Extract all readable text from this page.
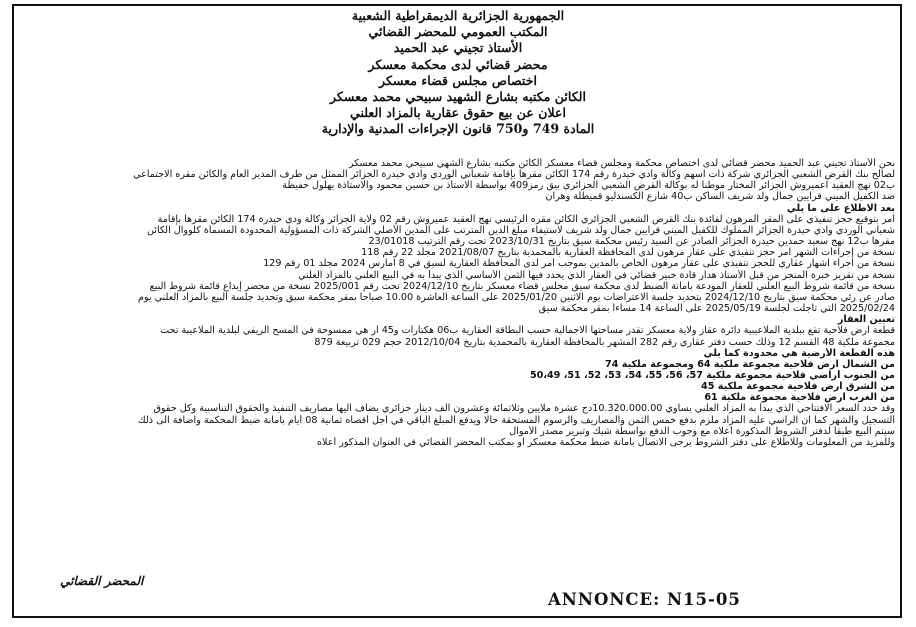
الجمهورية الجزائرية الديمقراطية الشعبية
المكتب العمومي للمحضر القضائي
الأستاذ تجيني عبد الحميد
محضر قضائي لدى محكمة معسكر
اختصاص مجلس قضاء معسكر
الكائن مكتبه بشارع الشهيد سبيحي محمد معسكر
اعلان عن بيع حقوق عقارية بالمزاد العلني
المادة 749 و750 قانون الإجراءات المدنية والإدارية
نحن الأستاذ تجيني عبد الحميد محضر قضائي لدى اختصاص محكمة ومجلس قضاء معسكر الكائن مكتبه بشارع الشهي سبيحي محمد معسكر
لصالح بنك القرض الشعبي الجزائري شركة ذات اسهم وكالة وادي حيدرة رقم 174 الكائن مقرها بإقامة شعباني الوردي وادي حيدرة الجزائر الممثل من طرف المدير العام والكائن مقره الاجتماعي
ب02 نهج العقيد اعميروش الجزائر المختار موطنا له بوكالة القرض الشعبي الجزائري بيق رمز409 بواسطة الاستاذ بن حسين محمود والاستاذة بهلول حفيظة
ضد الكفيل الميني قرايين جمال ولد شريف الساكن ب40 شارع الكسندليو قميطلة وهران
بعد الاطلاع على ما يلي
امر بتوقيع حجز تنفيذي على المقر المرهون لفائدة بنك القرض الشعبي الجزائري الكائن مقره الرئيسي نهج العقيد عميروش رقم 02 ولاية الجزائر وكالة ودي حيدرة 174 الكائن مقرها بإقامة
شعباني الوردي وادي حيدرة الجزائر المملوك للكفيل الميني قرايين جمال ولد شريف لاستيفاء مبلغ الدين المترتب على المدين الأصلي الشركة ذات المسؤولية المحدودة المسماة كلووال الكائن
مقرها ب12 نهج سعيد حمدين حيدرة الجزائر الصادر عن السيد رئيس محكمة سيق بتاريخ 2023/10/31 تحت رقم الترتيب 23/01018
نسخة من إجراءات الشهر امر حجز تنفيذي على عقار مرهون لدى المحافظة العقارية بالمحمدية بتاريخ 2021/08/07 مجلد 22 رقم 118
نسخة من اجراء اشهار عقاري للحجز تنفيذي على عقار مرهون الخاص بالمدين بموجب امر لدى المحافظة العقارية لسيق في 8 امارس 2024 مجلد 01 رقم 129
نسخة من تقرير خبرة المنجز من قبل الأستاذ هدار قادة خبير قضائي في العقار الذي يحدد فيها الثمن الأساسي الذي يبدأ به في البيع العلني بالمزاد العلني
نسخة من قائمة شروط البيع العلني للعقار المودعة بأمانة الضبط لدى محكمة سيق مجلس قضاء معسكر بتاريخ 2024/12/10 تحت رقم 2025/001 نسخة من محضر إيداع قائمة شروط البيع
صادر عن رئي محكمة سيق بتاريخ 2024/12/10 بتحديد جلسة الاعتراضات يوم الاثنين 2025/01/20 على الساعة العاشرة 10.00 صباحا بمقر محكمة سيق وتحديد جلسة البيع بالمزاد العلني يوم
2025/02/24 التي تأجلت لجلسة 2025/05/19 على الساعة 14 مساءا بمقر محكمة سيق
تعيين العقار
قطعة ارض فلاحية تقع ببلدية الملاعيبية دائرة عقاز ولاية معسكر تقدر مساحتها الاجمالية حسب البطاقة العقارية ب06 هكتارات و45 ار هي ممسوحة في المسح الريفي لبلدية الملاعيبة تحت
مجموعة ملكية 48 القسم 12 وذلك حسب دفتر عقاري رقم 282 المشهر بالمحافظة العقارية بالمحمدية بتاريخ 2012/10/04 حجم 029 تربيعة 879
هذه القطعة الأرضية هي محدودة كما يلي
من الشمال ارض فلاحية مجموعة ملكية 64 ومجموعة ملكية 74
من الجنوب أراضي فلاحية مجموعة ملكية 57، 56، 55، 54، 53، 52، 51، 50،49
من الشرق ارض فلاحية مجموعة ملكية 45
من الغرب ارض فلاحية مجموعة ملكية 61
وقد حدد السعر الافتتاحي الذي يبدأ به المزاد العلني يساوي 10.320.000.00دج عشرة ملايين وثلاثمائة وعشرون الف دينار جزائري يضاف اليها مصاريف التنفيذ والحقوق التناسبية وكل حقوق
التسجيل والشهر كما ان الراسي عليه المزاد ملزم بدفع خمس الثمن والمصاريف والرسوم المستحقة حالا ويدفع المبلغ الباقي في اجل أقصاه ثمانية 08 أيام بأمانة ضبط المحكمة واضافة الى ذلك
سيتم البيع طبقا لدفتر الشروط المذكورة أعلاه مع وجوب الدفع بواسطة شيك وتبرير مصدر الأموال
وللمزيد من المعلومات وللاطلاع على دفتر الشروط يرجى الاتصال بأمانة ضبط محكمة معسكر او بمكتب المحضر القضائي في العنوان المذكور أعلاه
المحضر القضائي
ANNONCE: N15-05
